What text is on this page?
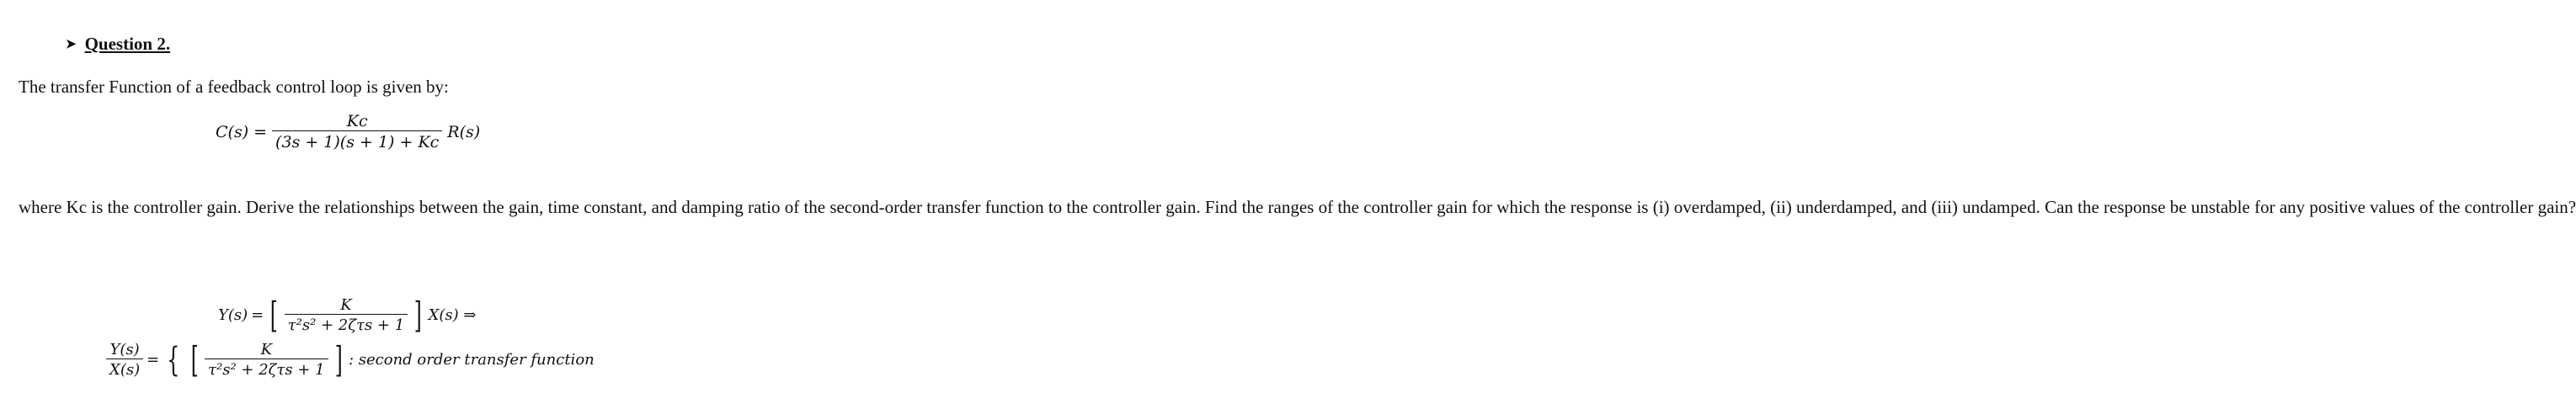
➤ Question 2.
The transfer Function of a feedback control loop is given by:
$C(s) = \frac{Kc}{(3s + 1)(s + 1) + Kc} R(s)$

where Kc is the controller gain. Derive the relationships between the gain, time constant, and damping ratio of the second-order transfer function to the controller gain. Find the ranges of the controller gain for which the response is (i) overdamped, (ii) underdamped, and (iii) undamped. Can the response be unstable for any positive values of the controller gain?

Y(s) = [ $\frac{K}{\text{τ²s² + 2ζτs + 1}}$ ] X(s) ⇒
$\frac{Y(s)}{X(s)}$ = { [ $\frac{K}{\text{τ²s² + 2ζτs + 1}}$ ] : second order transfer function
